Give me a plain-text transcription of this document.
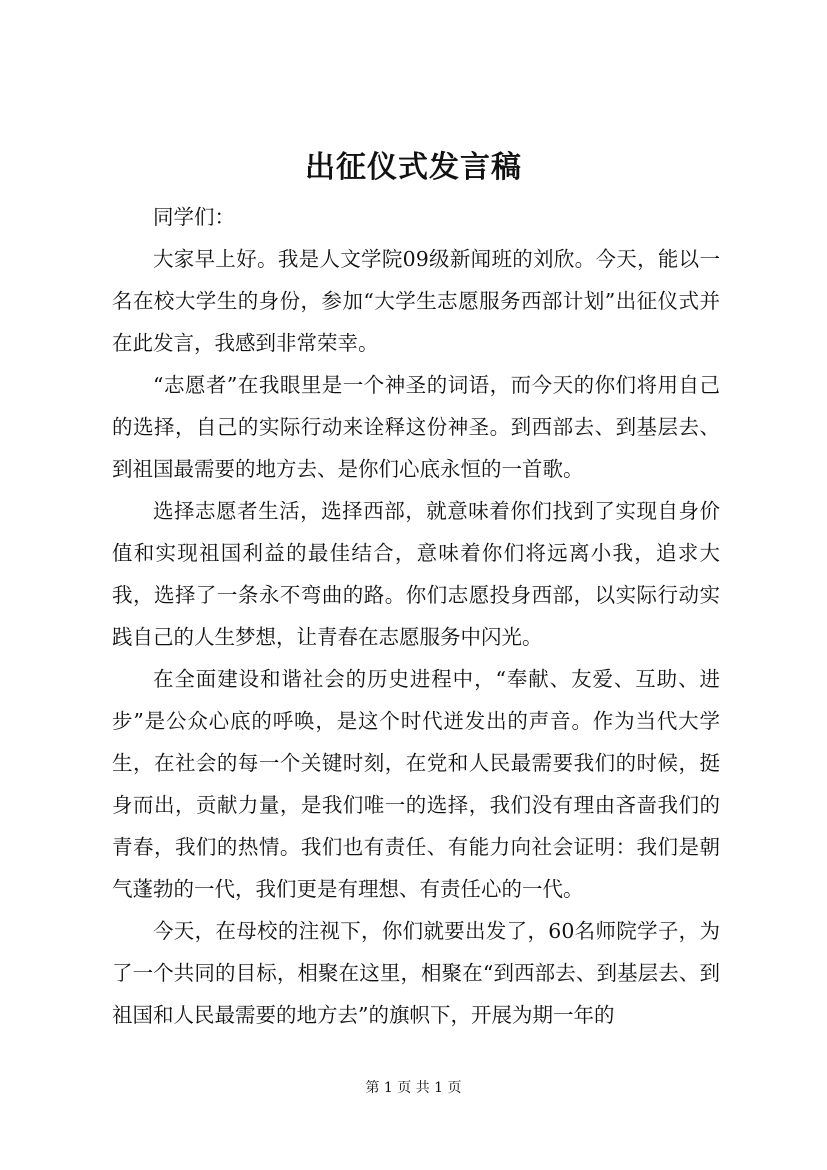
出征仪式发言稿

同学们：

大家早上好。我是人文学院09级新闻班的刘欣。今天，能以一名在校大学生的身份，参加“大学生志愿服务西部计划”出征仪式并在此发言，我感到非常荣幸。

“志愿者”在我眼里是一个神圣的词语，而今天的你们将用自己的选择，自己的实际行动来诠释这份神圣。到西部去、到基层去、到祖国最需要的地方去、是你们心底永恒的一首歌。

选择志愿者生活，选择西部，就意味着你们找到了实现自身价值和实现祖国利益的最佳结合，意味着你们将远离小我，追求大我，选择了一条永不弯曲的路。你们志愿投身西部，以实际行动实践自己的人生梦想，让青春在志愿服务中闪光。

在全面建设和谐社会的历史进程中，“奉献、友爱、互助、进步”是公众心底的呼唤，是这个时代迸发出的声音。作为当代大学生，在社会的每一个关键时刻，在党和人民最需要我们的时候，挺身而出，贡献力量，是我们唯一的选择，我们没有理由吝啬我们的青春，我们的热情。我们也有责任、有能力向社会证明：我们是朝气蓬勃的一代，我们更是有理想、有责任心的一代。

今天，在母校的注视下，你们就要出发了，60名师院学子，为了一个共同的目标，相聚在这里，相聚在“到西部去、到基层去、到祖国和人民最需要的地方去”的旗帜下，开展为期一年的

第 1 页 共 1 页
